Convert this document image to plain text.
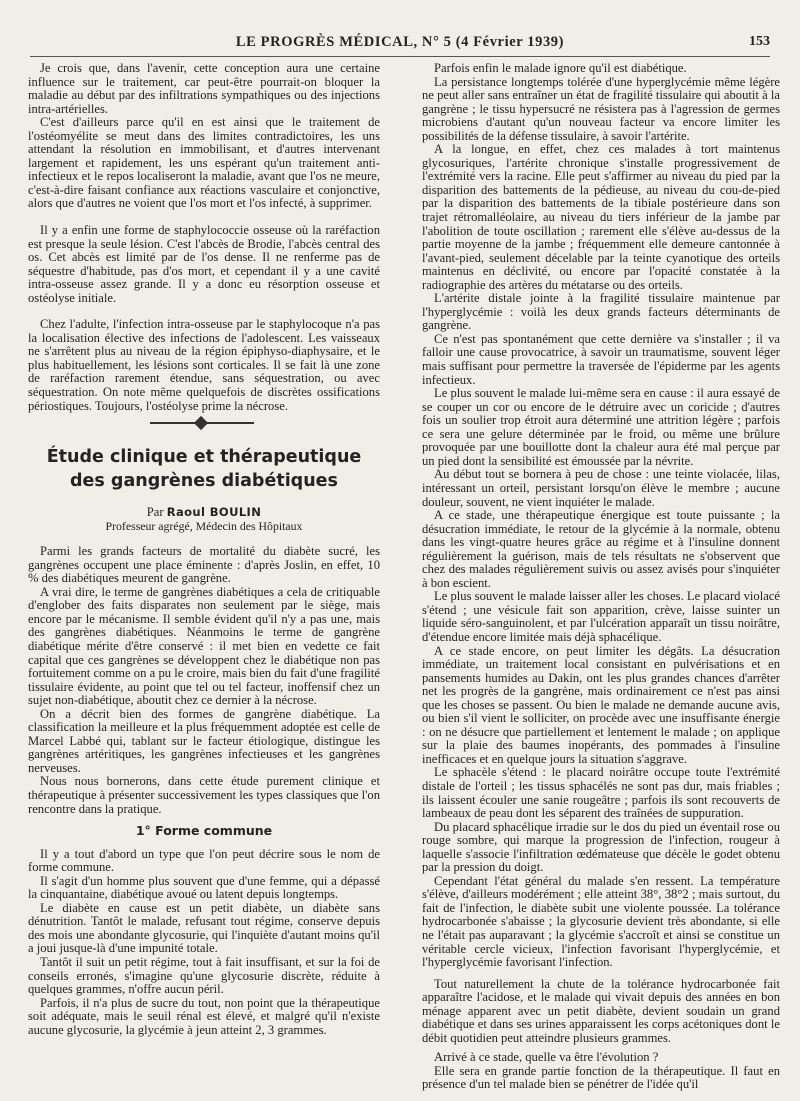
LE PROGRÈS MÉDICAL, N° 5 (4 Février 1939)	153

Je crois que, dans l'avenir, cette conception aura une certaine influence sur le traitement, car peut-être pourrait-on bloquer la maladie au début par des infiltrations sympathiques ou des injections intra-artérielles.

C'est d'ailleurs parce qu'il en est ainsi que le traitement de l'ostéomyélite se meut dans des limites contradictoires, les uns attendant la résolution en immobilisant, et d'autres intervenant largement et rapidement, les uns espérant qu'un traitement anti-infectieux et le repos localiseront la maladie, avant que l'os ne meure, c'est-à-dire faisant confiance aux réactions vasculaire et conjonctive, alors que d'autres ne voient que l'os mort et l'os infecté, à supprimer.

Il y a enfin une forme de staphylococcie osseuse où la raréfaction est presque la seule lésion. C'est l'abcès de Brodie, l'abcès central des os. Cet abcès est limité par de l'os dense. Il ne renferme pas de séquestre d'habitude, pas d'os mort, et cependant il y a une cavité intra-osseuse assez grande. Il y a donc eu résorption osseuse et ostéolyse initiale.

Chez l'adulte, l'infection intra-osseuse par le staphylocoque n'a pas la localisation élective des infections de l'adolescent. Les vaisseaux ne s'arrêtent plus au niveau de la région épiphyso-diaphysaire, et le plus habituellement, les lésions sont corticales. Il se fait là une zone de raréfaction rarement étendue, sans séquestration, ou avec séquestration. On note même quelquefois de discrètes ossifications périostiques. Toujours, l'ostéolyse prime la nécrose.

Étude clinique et thérapeutique
des gangrènes diabétiques
Par Raoul BOULIN
Professeur agrégé, Médecin des Hôpitaux

Parmi les grands facteurs de mortalité du diabète sucré, les gangrènes occupent une place éminente : d'après Joslin, en effet, 10 % des diabétiques meurent de gangrène.

A vrai dire, le terme de gangrènes diabétiques a cela de critiquable d'englober des faits disparates non seulement par le siège, mais encore par le mécanisme. Il semble évident qu'il n'y a pas une, mais des gangrènes diabétiques. Néanmoins le terme de gangrène diabétique mérite d'être conservé : il met bien en vedette ce fait capital que ces gangrènes se développent chez le diabétique non pas fortuitement comme on a pu le croire, mais bien du fait d'une fragilité tissulaire évidente, au point que tel ou tel facteur, inoffensif chez un sujet non-diabétique, aboutit chez ce dernier à la nécrose.

On a décrit bien des formes de gangrène diabétique. La classification la meilleure et la plus fréquemment adoptée est celle de Marcel Labbé qui, tablant sur le facteur étiologique, distingue les gangrènes artéritiques, les gangrènes infectieuses et les gangrènes nerveuses.

Nous nous bornerons, dans cette étude purement clinique et thérapeutique à présenter successivement les types classiques que l'on rencontre dans la pratique.

1° Forme commune

Il y a tout d'abord un type que l'on peut décrire sous le nom de forme commune.

Il s'agit d'un homme plus souvent que d'une femme, qui a dépassé la cinquantaine, diabétique avoué ou latent depuis longtemps.

Le diabète en cause est un petit diabète, un diabète sans dénutrition. Tantôt le malade, refusant tout régime, conserve depuis des mois une abondante glycosurie, qui l'inquiète d'autant moins qu'il a joui jusque-là d'une impunité totale.

Tantôt il suit un petit régime, tout à fait insuffisant, et sur la foi de conseils erronés, s'imagine qu'une glycosurie discrète, réduite à quelques grammes, n'offre aucun péril.

Parfois, il n'a plus de sucre du tout, non point que la thérapeutique soit adéquate, mais le seuil rénal est élevé, et malgré qu'il n'existe aucune glycosurie, la glycémie à jeun atteint 2, 3 grammes.

Parfois enfin le malade ignore qu'il est diabétique.

La persistance longtemps tolérée d'une hyperglycémie même légère ne peut aller sans entraîner un état de fragilité tissulaire qui aboutit à la gangrène ; le tissu hypersucré ne résistera pas à l'agression de germes microbiens d'autant qu'un nouveau facteur va encore limiter les possibilités de la défense tissulaire, à savoir l'artérite.

A la longue, en effet, chez ces malades à tort maintenus glycosuriques, l'artérite chronique s'installe progressivement de l'extrémité vers la racine. Elle peut s'affirmer au niveau du pied par la disparition des battements de la pédieuse, au niveau du cou-de-pied par la disparition des battements de la tibiale postérieure dans son trajet rétromalléolaire, au niveau du tiers inférieur de la jambe par l'abolition de toute oscillation ; rarement elle s'élève au-dessus de la partie moyenne de la jambe ; fréquemment elle demeure cantonnée à l'avant-pied, seulement décelable par la teinte cyanotique des orteils maintenus en déclivité, ou encore par l'opacité constatée à la radiographie des artères du métatarse ou des orteils.

L'artérite distale jointe à la fragilité tissulaire maintenue par l'hyperglycémie : voilà les deux grands facteurs déterminants de gangrène.

Ce n'est pas spontanément que cette dernière va s'installer ; il va falloir une cause provocatrice, à savoir un traumatisme, souvent léger mais suffisant pour permettre la traversée de l'épiderme par les agents infectieux.

Le plus souvent le malade lui-même sera en cause : il aura essayé de se couper un cor ou encore de le détruire avec un coricide ; d'autres fois un soulier trop étroit aura déterminé une attrition légère ; parfois ce sera une gelure déterminée par le froid, ou même une brûlure provoquée par une bouillotte dont la chaleur aura été mal perçue par un pied dont la sensibilité est émoussée par la névrite.

Au début tout se bornera à peu de chose : une teinte violacée, lilas, intéressant un orteil, persistant lorsqu'on élève le membre ; aucune douleur, souvent, ne vient inquiéter le malade.

A ce stade, une thérapeutique énergique est toute puissante ; la désucration immédiate, le retour de la glycémie à la normale, obtenu dans les vingt-quatre heures grâce au régime et à l'insuline donnent régulièrement la guérison, mais de tels résultats ne s'observent que chez des malades régulièrement suivis ou assez avisés pour s'inquiéter à bon escient.

Le plus souvent le malade laisser aller les choses. Le placard violacé s'étend ; une vésicule fait son apparition, crève, laisse suinter un liquide séro-sanguinolent, et par l'ulcération apparaît un tissu noirâtre, d'étendue encore limitée mais déjà sphacélique.

A ce stade encore, on peut limiter les dégâts. La désucration immédiate, un traitement local consistant en pulvérisations et en pansements humides au Dakin, ont les plus grandes chances d'arrêter net les progrès de la gangrène, mais ordinairement ce n'est pas ainsi que les choses se passent. Ou bien le malade ne demande aucune avis, ou bien s'il vient le solliciter, on procède avec une insuffisante énergie : on ne désucre que partiellement et lentement le malade ; on applique sur la plaie des baumes inopérants, des pommades à l'insuline inefficaces et en quelque jours la situation s'aggrave.

Le sphacèle s'étend : le placard noirâtre occupe toute l'extrémité distale de l'orteil ; les tissus sphacélés ne sont pas dur, mais friables ; ils laissent écouler une sanie rougeâtre ; parfois ils sont recouverts de lambeaux de peau dont les séparent des traînées de suppuration.

Du placard sphacélique irradie sur le dos du pied un éventail rose ou rouge sombre, qui marque la progression de l'infection, rougeur à laquelle s'associe l'infiltration œdémateuse que décèle le godet obtenu par la pression du doigt.

Cependant l'état général du malade s'en ressent. La température s'élève, d'ailleurs modérément ; elle atteint 38°, 38°2 ; mais surtout, du fait de l'infection, le diabète subit une violente poussée. La tolérance hydrocarbonée s'abaisse ; la glycosurie devient très abondante, si elle ne l'était pas auparavant ; la glycémie s'accroît et ainsi se constitue un véritable cercle vicieux, l'infection favorisant l'hyperglycémie, et l'hyperglycémie favorisant l'infection.

Tout naturellement la chute de la tolérance hydrocarbonée fait apparaître l'acidose, et le malade qui vivait depuis des années en bon ménage apparent avec un petit diabète, devient soudain un grand diabétique et dans ses urines apparaissent les corps acétoniques dont le débit quotidien peut atteindre plusieurs grammes.

Arrivé à ce stade, quelle va être l'évolution ?

Elle sera en grande partie fonction de la thérapeutique. Il faut en présence d'un tel malade bien se pénétrer de l'idée qu'il
